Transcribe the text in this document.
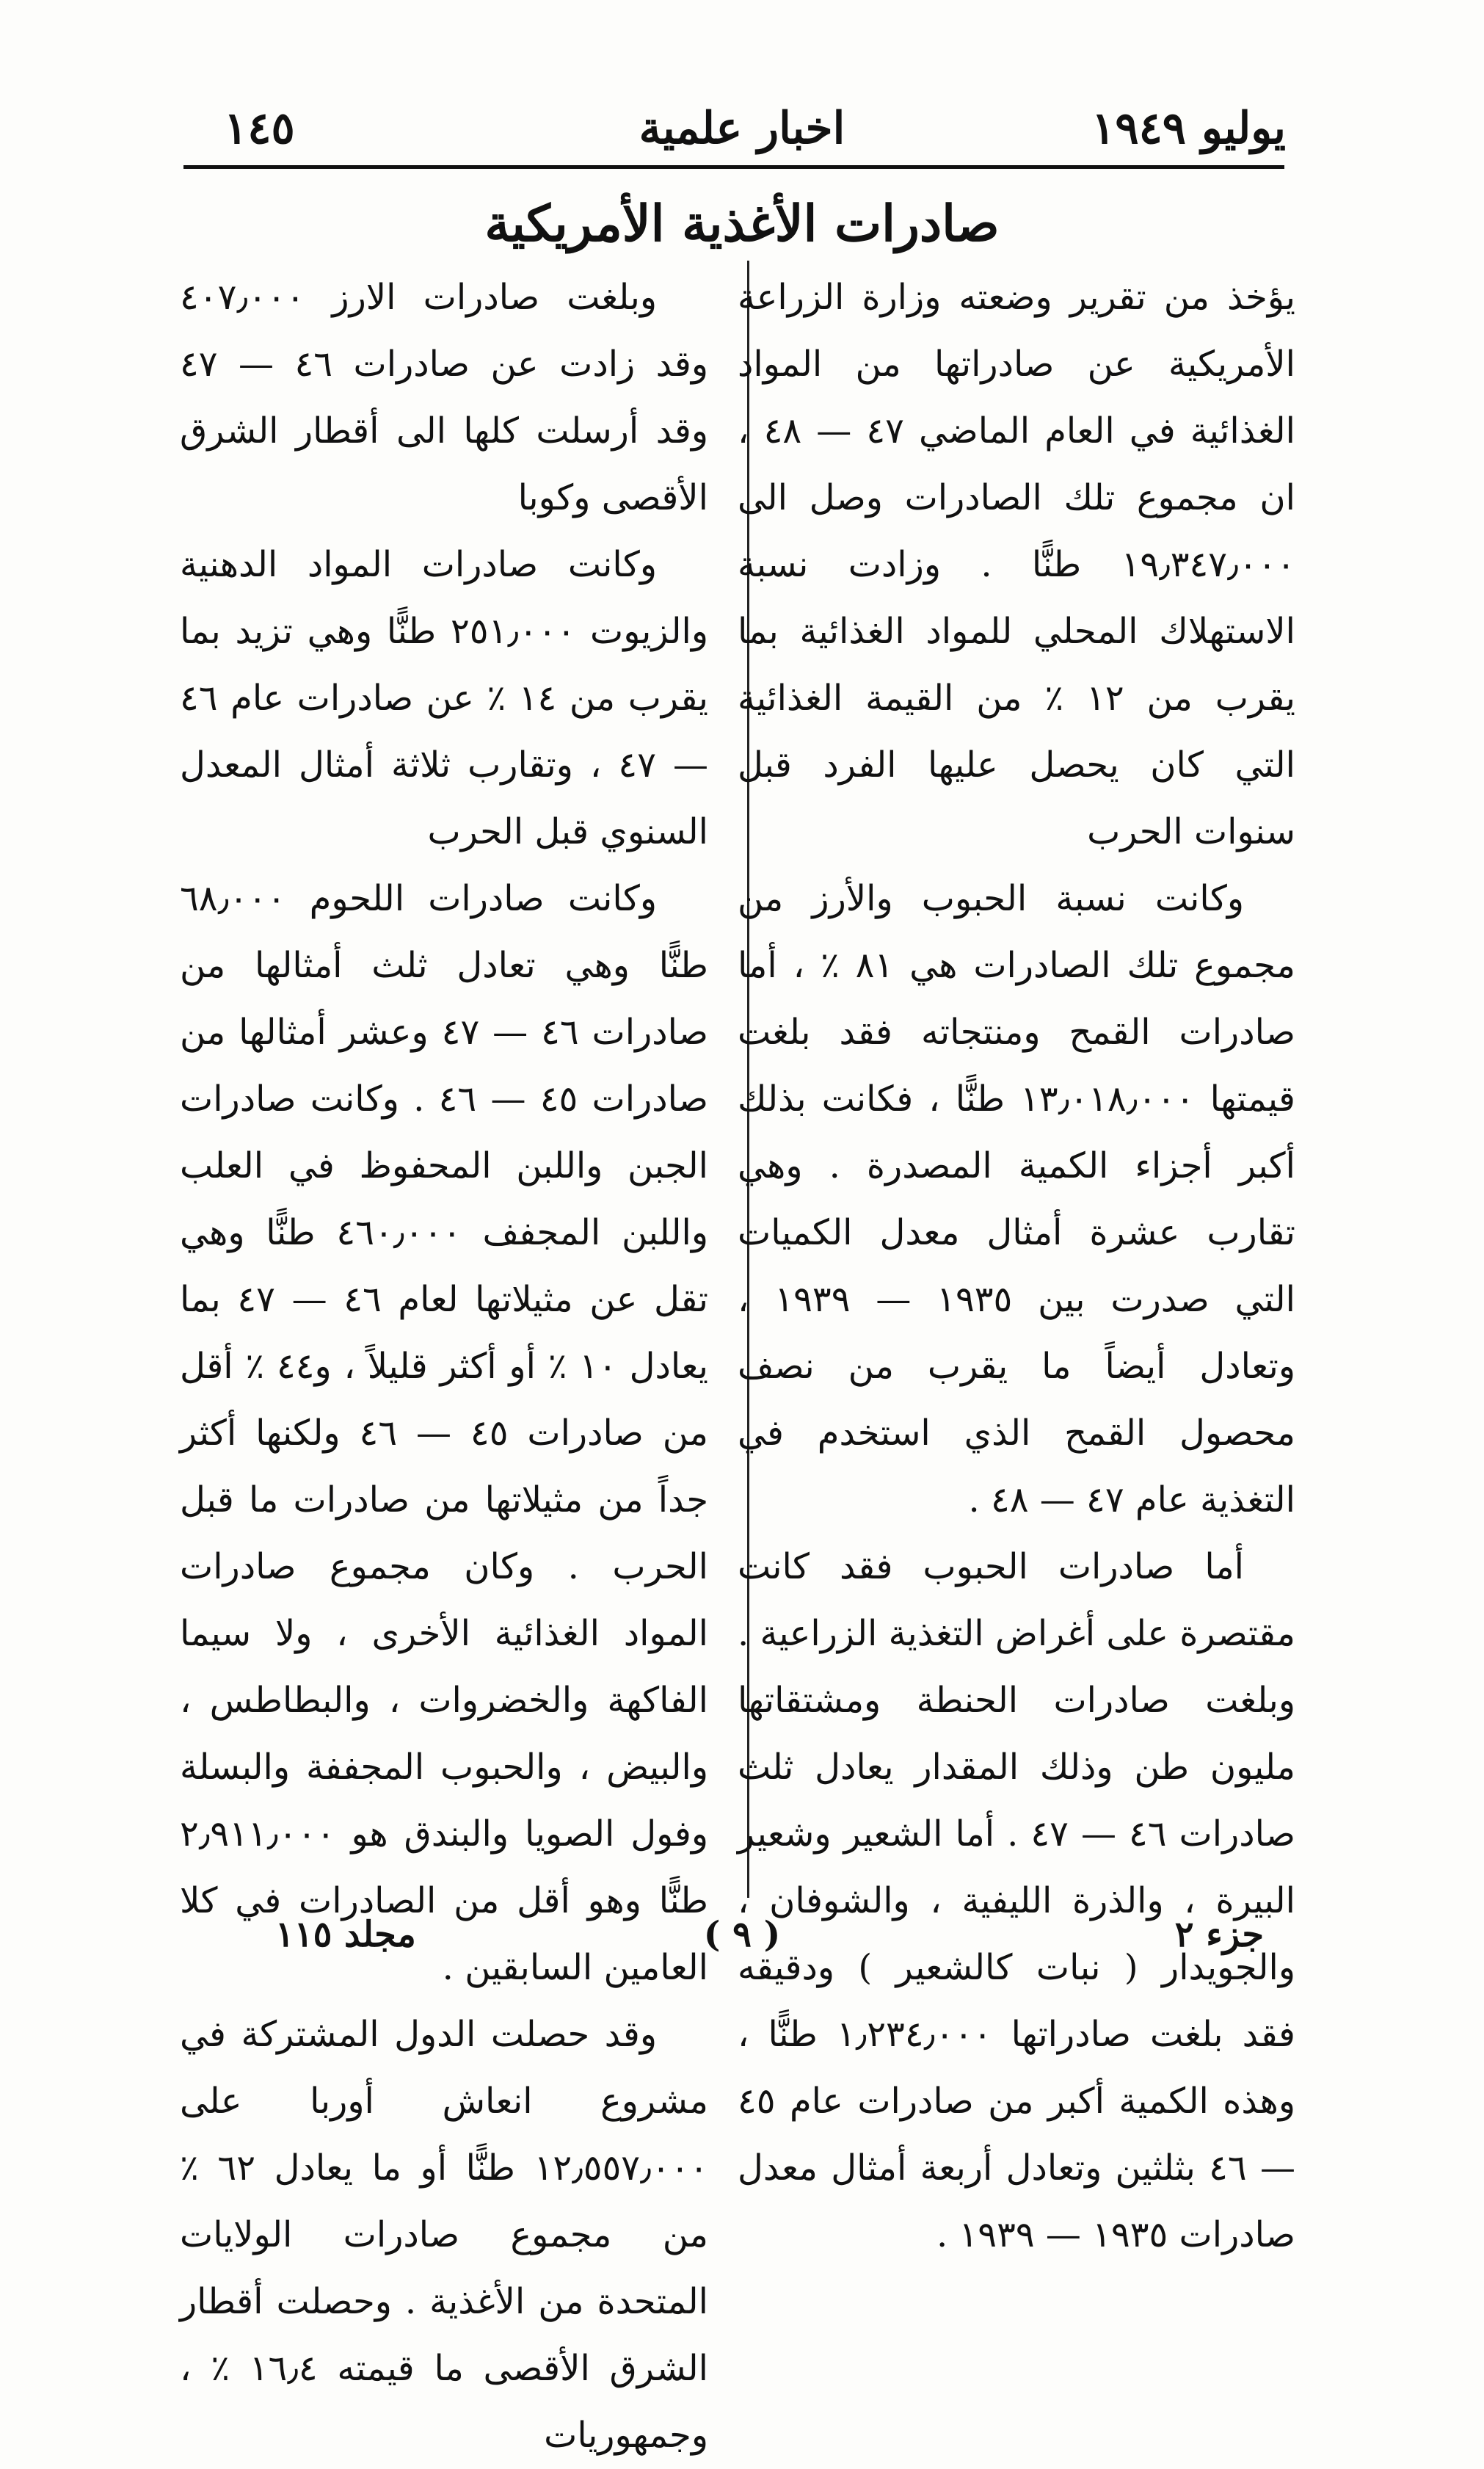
١٤٥	اخبار علمية	يوليو ١٩٤٩
صادرات الأغذية الأمريكية

يؤخذ من تقرير وضعته وزارة الزراعة الأمريكية عن صادراتها من المواد الغذائية في العام الماضي ٤٧ — ٤٨ ، ان مجموع تلك الصادرات وصل الى ١٩٫٣٤٧٫٠٠٠ طنًّا . وزادت نسبة الاستهلاك المحلي للمواد الغذائية بما يقرب من ١٢ ٪ من القيمة الغذائية التي كان يحصل عليها الفرد قبل سنوات الحرب

وكانت نسبة الحبوب والأرز من مجموع تلك الصادرات هي ٨١ ٪ ، أما صادرات القمح ومنتجاته فقد بلغت قيمتها ١٣٫٠١٨٫٠٠٠ طنًّا ، فكانت بذلك أكبر أجزاء الكمية المصدرة . وهي تقارب عشرة أمثال معدل الكميات التي صدرت بين ١٩٣٥ — ١٩٣٩ ، وتعادل أيضاً ما يقرب من نصف محصول القمح الذي استخدم في التغذية عام ٤٧ — ٤٨ .

أما صادرات الحبوب فقد كانت مقتصرة على أغراض التغذية الزراعية . وبلغت صادرات الحنطة ومشتقاتها مليون طن وذلك المقدار يعادل ثلث صادرات ٤٦ — ٤٧ . أما الشعير وشعير البيرة ، والذرة الليفية ، والشوفان ، والجويدار ( نبات كالشعير ) ودقيقه فقد بلغت صادراتها ١٫٢٣٤٫٠٠٠ طنًّا ، وهذه الكمية أكبر من صادرات عام ٤٥ — ٤٦ بثلثين وتعادل أربعة أمثال معدل صادرات ١٩٣٥ — ١٩٣٩ .

وبلغت صادرات الارز ٤٠٧٫٠٠٠ وقد زادت عن صادرات ٤٦ — ٤٧ وقد أرسلت كلها الى أقطار الشرق الأقصى وكوبا

وكانت صادرات المواد الدهنية والزيوت ٢٥١٫٠٠٠ طنًّا وهي تزيد بما يقرب من ١٤ ٪ عن صادرات عام ٤٦ — ٤٧ ، وتقارب ثلاثة أمثال المعدل السنوي قبل الحرب

وكانت صادرات اللحوم ٦٨٫٠٠٠ طنًّا وهي تعادل ثلث أمثالها من صادرات ٤٦ — ٤٧ وعشر أمثالها من صادرات ٤٥ — ٤٦ . وكانت صادرات الجبن واللبن المحفوظ في العلب واللبن المجفف ٤٦٠٫٠٠٠ طنًّا وهي تقل عن مثيلاتها لعام ٤٦ — ٤٧ بما يعادل ١٠ ٪ أو أكثر قليلاً ، و٤٤ ٪ أقل من صادرات ٤٥ — ٤٦ ولكنها أكثر جداً من مثيلاتها من صادرات ما قبل الحرب . وكان مجموع صادرات المواد الغذائية الأخرى ، ولا سيما الفاكهة والخضروات ، والبطاطس ، والبيض ، والحبوب المجففة والبسلة وفول الصويا والبندق هو ٢٫٩١١٫٠٠٠ طنًّا وهو أقل من الصادرات في كلا العامين السابقين .

وقد حصلت الدول المشتركة في مشروع انعاش أوربا على ١٢٫٥٥٧٫٠٠٠ طنًّا أو ما يعادل ٦٢ ٪ من مجموع صادرات الولايات المتحدة من الأغذية . وحصلت أقطار الشرق الأقصى ما قيمته ١٦٫٤ ٪ ، وجمهوريات

مجلد ١١٥	( ٩ )	جزء ٢
